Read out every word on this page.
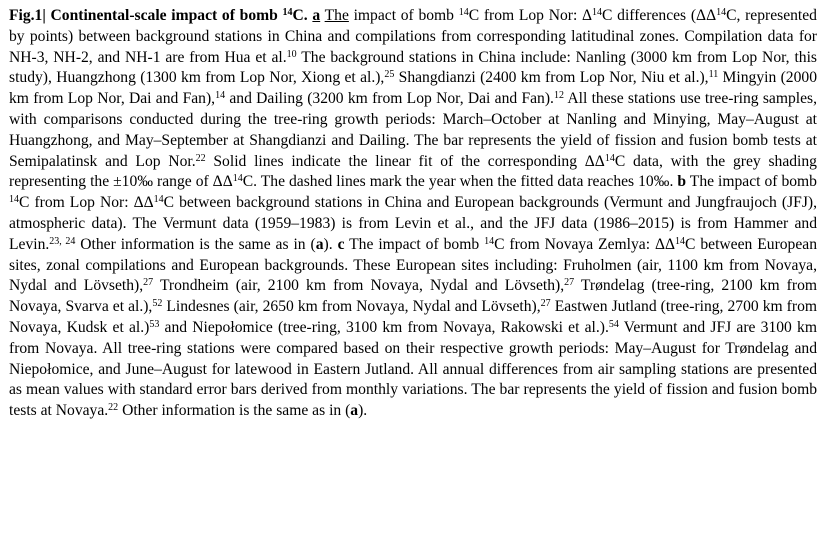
Fig.1| Continental-scale impact of bomb $^{14}$C. a The impact of bomb $^{14}$C from Lop Nor: $\Delta^{14}C$ differences (ΔΔ$^{14}$C, represented by points) between background stations in China and compilations from corresponding latitudinal zones. Compilation data for NH-3, NH-2, and NH-1 are from Hua et al.$^{10}$ The background stations in China include: Nanling (3000 km from Lop Nor, this study), Huangzhong (1300 km from Lop Nor, Xiong et al.),$^{25}$ Shangdianzi (2400 km from Lop Nor, Niu et al.),$^{11}$ Mingyin (2000 km from Lop Nor, Dai and Fan),$^{14}$ and Dailing (3200 km from Lop Nor, Dai and Fan).$^{12}$ All these stations use tree-ring samples, with comparisons conducted during the tree-ring growth periods: March–October at Nanling and Minying, May–August at Huangzhong, and May–September at Shangdianzi and Dailing. The bar represents the yield of fission and fusion bomb tests at Semipalatinsk and Lop Nor.$^{22}$ Solid lines indicate the linear fit of the corresponding ΔΔ$^{14}$C data, with the grey shading representing the ±10‰ range of ΔΔ$^{14}$C. The dashed lines mark the year when the fitted data reaches 10‰. b The impact of bomb $^{14}$C from Lop Nor: ΔΔ$^{14}$C between background stations in China and European backgrounds (Vermunt and Jungfraujoch (JFJ), atmospheric data). The Vermunt data (1959–1983) is from Levin et al., and the JFJ data (1986–2015) is from Hammer and Levin.$^{23, 24}$ Other information is the same as in (a). c The impact of bomb $^{14}$C from Novaya Zemlya: ΔΔ$^{14}$C between European sites, zonal compilations and European backgrounds. These European sites including: Fruholmen (air, 1100 km from Novaya, Nydal and Lövseth),$^{27}$ Trondheim (air, 2100 km from Novaya, Nydal and Lövseth),$^{27}$ Trøndelag (tree-ring, 2100 km from Novaya, Svarva et al.),$^{52}$ Lindesnes (air, 2650 km from Novaya, Nydal and Lövseth),$^{27}$ Eastwen Jutland (tree-ring, 2700 km from Novaya, Kudsk et al.)$^{53}$ and Niepołomice (tree-ring, 3100 km from Novaya, Rakowski et al.).$^{54}$ Vermunt and JFJ are 3100 km from Novaya. All tree-ring stations were compared based on their respective growth periods: May–August for Trøndelag and Niepołomice, and June–August for latewood in Eastern Jutland. All annual differences from air sampling stations are presented as mean values with standard error bars derived from monthly variations. The bar represents the yield of fission and fusion bomb tests at Novaya.$^{22}$ Other information is the same as in (a).
